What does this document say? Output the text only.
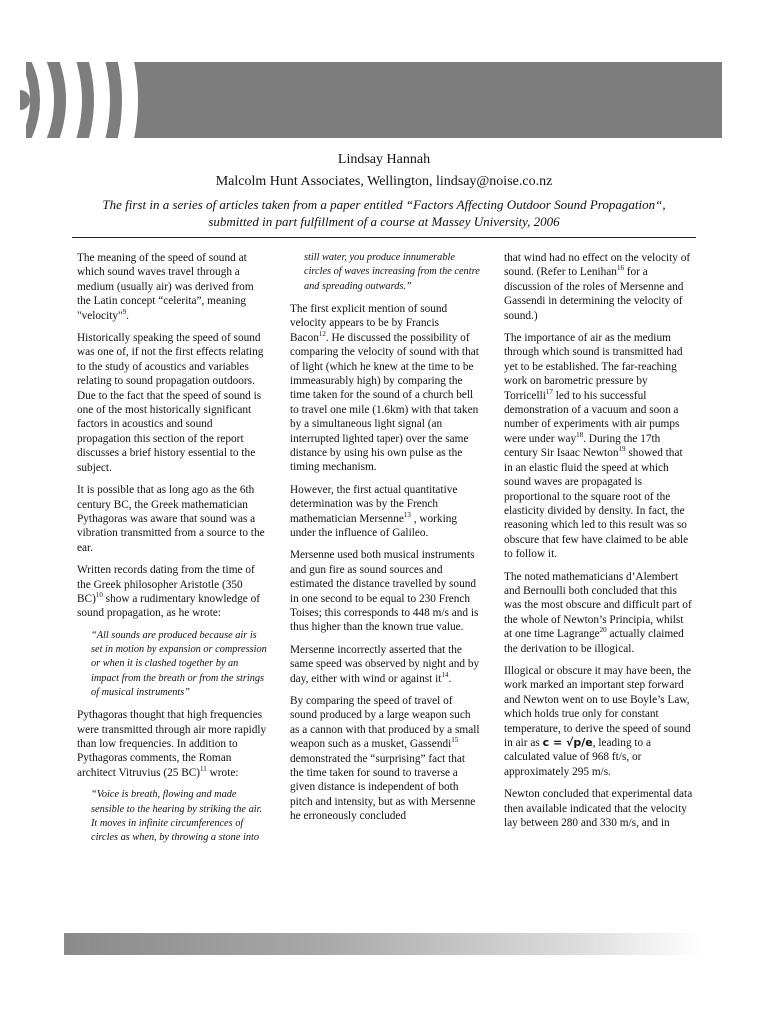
Lindsay Hannah
Malcolm Hunt Associates, Wellington, lindsay@noise.co.nz
The first in a series of articles taken from a paper entitled “Factors Affecting Outdoor Sound Propagation“,
submitted in part fulfillment of a course at Massey University, 2006

The meaning of the speed of sound at which sound waves travel through a medium (usually air) was derived from the Latin concept “celerita”, meaning "velocity"$^9$.

Historically speaking the speed of sound was one of, if not the first effects relating to the study of acoustics and variables relating to sound propagation outdoors. Due to the fact that the speed of sound is one of the most historically significant factors in acoustics and sound propagation this section of the report discusses a brief history essential to the subject.

It is possible that as long ago as the 6th century BC, the Greek mathematician Pythagoras was aware that sound was a vibration transmitted from a source to the ear.

Written records dating from the time of the Greek philosopher Aristotle (350 BC)$^{10}$ show a rudimentary knowledge of sound propagation, as he wrote:

“All sounds are produced because air is set in motion by expansion or compression or when it is clashed together by an impact from the breath or from the strings of musical instruments”

Pythagoras thought that high frequencies were transmitted through air more rapidly than low frequencies. In addition to Pythagoras comments, the Roman architect Vitruvius (25 BC)$^{11}$ wrote:

“Voice is breath, flowing and made sensible to the hearing by striking the air. It moves in infinite circumferences of circles as when, by throwing a stone into

still water, you produce innumerable circles of waves increasing from the centre and spreading outwards.”

The first explicit mention of sound velocity appears to be by Francis Bacon$^{12}$. He discussed the possibility of comparing the velocity of sound with that of light (which he knew at the time to be immeasurably high) by comparing the time taken for the sound of a church bell to travel one mile (1.6km) with that taken by a simultaneous light signal (an interrupted lighted taper) over the same distance by using his own pulse as the timing mechanism.

However, the first actual quantitative determination was by the French mathematician Mersenne$^{13}$ , working under the influence of Galileo.

Mersenne used both musical instruments and gun fire as sound sources and estimated the distance travelled by sound in one second to be equal to 230 French Toises; this corresponds to 448 m/s and is thus higher than the known true value.

Mersenne incorrectly asserted that the same speed was observed by night and by day, either with wind or against $it^{14}$.

By comparing the speed of travel of sound produced by a large weapon such as a cannon with that produced by a small weapon such as a musket, Gassendi$^{15}$ demonstrated the “surprising” fact that the time taken for sound to traverse a given distance is independent of both pitch and intensity, but as with Mersenne he erroneously concluded

that wind had no effect on the velocity of sound. (Refer to Lenihan$^{16}$ for a discussion of the roles of Mersenne and Gassendi in determining the velocity of sound.)

The importance of air as the medium through which sound is transmitted had yet to be established. The far-reaching work on barometric pressure by Torricelli$^{17}$ led to his successful demonstration of a vacuum and soon a number of experiments with air pumps were under way$^{18}$. During the 17th century Sir Isaac Newton$^{19}$ showed that in an elastic fluid the speed at which sound waves are propagated is proportional to the square root of the elasticity divided by density. In fact, the reasoning which led to this result was so obscure that few have claimed to be able to follow it.

The noted mathematicians d’Alembert and Bernoulli both concluded that this was the most obscure and difficult part of the whole of Newton’s Principia, whilst at one time Lagrange$^{20}$ actually claimed the derivation to be illogical.

Illogical or obscure it may have been, the work marked an important step forward and Newton went on to use Boyle’s Law, which holds true only for constant temperature, to derive the speed of sound in air as c = √p/e, leading to a calculated value of 968 ft/s, or approximately 295 m/s.

Newton concluded that experimental data then available indicated that the velocity lay between 280 and 330 m/s, and in
